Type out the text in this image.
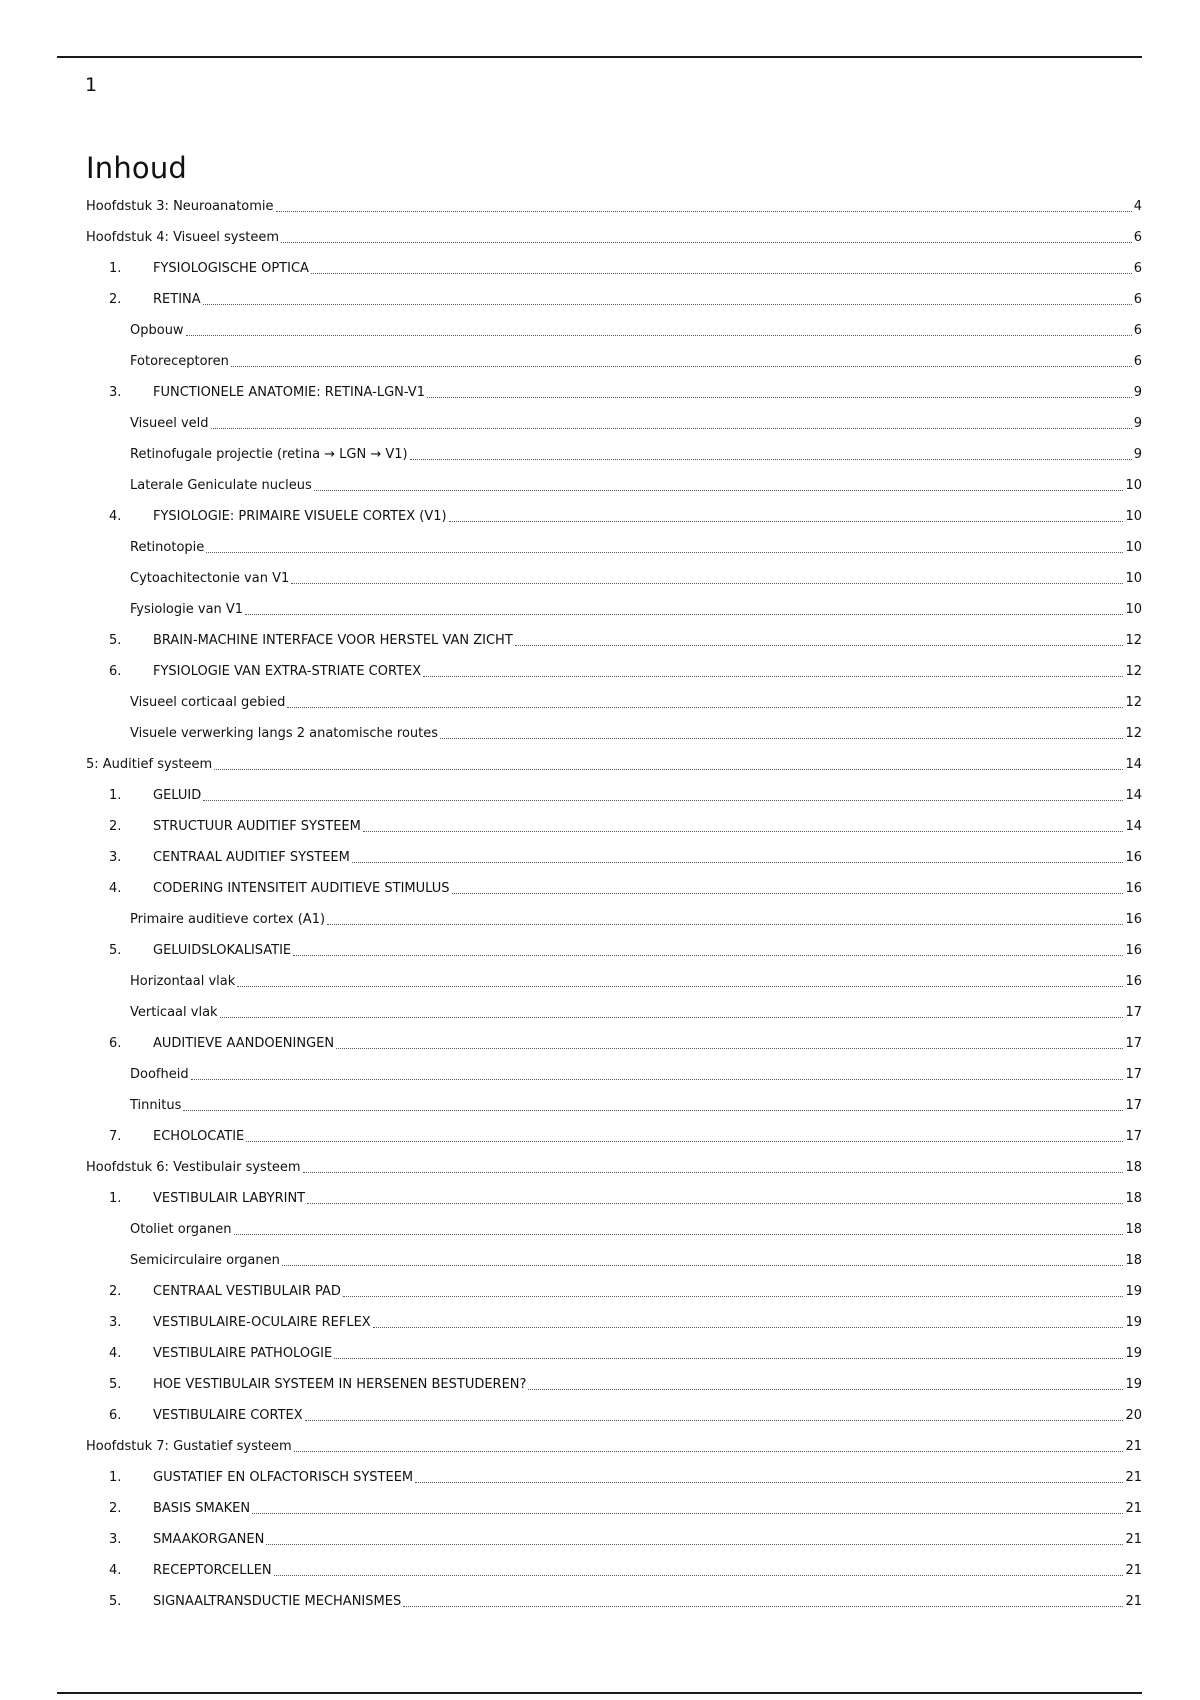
1
Inhoud
Hoofdstuk 3: Neuroanatomie	4
Hoofdstuk 4: Visueel systeem	6
1.	FYSIOLOGISCHE OPTICA	6
2.	RETINA	6
Opbouw	6
Fotoreceptoren	6
3.	FUNCTIONELE ANATOMIE: RETINA-LGN-V1	9
Visueel veld	9
Retinofugale projectie (retina → LGN → V1)	9
Laterale Geniculate nucleus	10
4.	FYSIOLOGIE: PRIMAIRE VISUELE CORTEX (V1)	10
Retinotopie	10
Cytoachitectonie van V1	10
Fysiologie van V1	10
5.	BRAIN-MACHINE INTERFACE VOOR HERSTEL VAN ZICHT	12
6.	FYSIOLOGIE VAN EXTRA-STRIATE CORTEX	12
Visueel corticaal gebied	12
Visuele verwerking langs 2 anatomische routes	12
5: Auditief systeem	14
1.	GELUID	14
2.	STRUCTUUR AUDITIEF SYSTEEM	14
3.	CENTRAAL AUDITIEF SYSTEEM	16
4.	CODERING INTENSITEIT AUDITIEVE STIMULUS	16
Primaire auditieve cortex (A1)	16
5.	GELUIDSLOKALISATIE	16
Horizontaal vlak	16
Verticaal vlak	17
6.	AUDITIEVE AANDOENINGEN	17
Doofheid	17
Tinnitus	17
7.	ECHOLOCATIE	17
Hoofdstuk 6: Vestibulair systeem	18
1.	VESTIBULAIR LABYRINT	18
Otoliet organen	18
Semicirculaire organen	18
2.	CENTRAAL VESTIBULAIR PAD	19
3.	VESTIBULAIRE-OCULAIRE REFLEX	19
4.	VESTIBULAIRE PATHOLOGIE	19
5.	HOE VESTIBULAIR SYSTEEM IN HERSENEN BESTUDEREN?	19
6.	VESTIBULAIRE CORTEX	20
Hoofdstuk 7: Gustatief systeem	21
1.	GUSTATIEF EN OLFACTORISCH SYSTEEM	21
2.	BASIS SMAKEN	21
3.	SMAAKORGANEN	21
4.	RECEPTORCELLEN	21
5.	SIGNAALTRANSDUCTIE MECHANISMES	21
